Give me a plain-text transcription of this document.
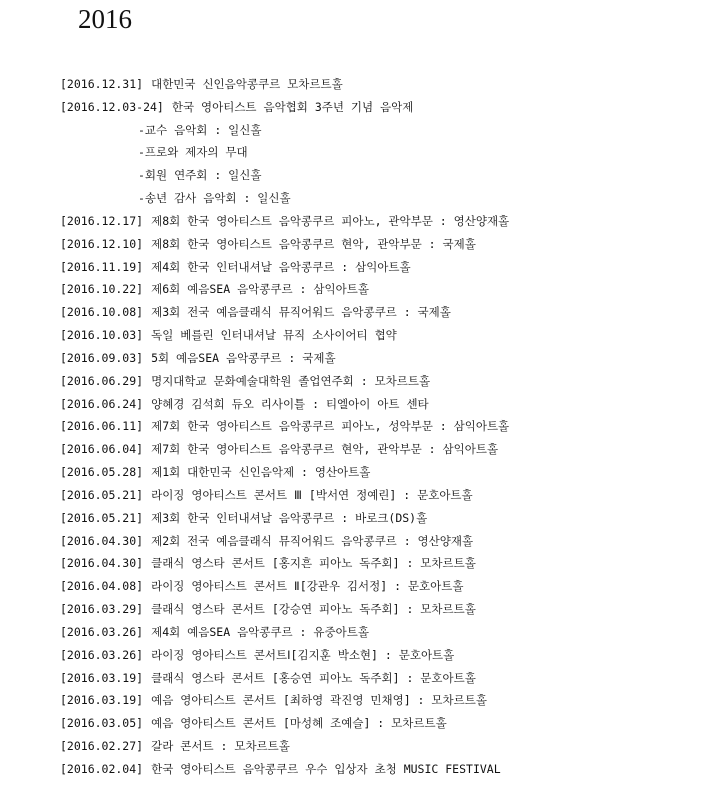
2016
[2016.12.31] 대한민국 신인음악콩쿠르 모차르트홀
[2016.12.03-24] 한국 영아티스트 음악협회 3주년 기념 음악제
-교수 음악회 : 일신홀
-프로와 제자의 무대
-회원 연주회 : 일신홀
-송년 감사 음악회 : 일신홀
[2016.12.17] 제8회 한국 영아티스트 음악콩쿠르 피아노, 관악부문 : 영산양재홀
[2016.12.10] 제8회 한국 영아티스트 음악콩쿠르 현악, 관악부문 : 국제홀
[2016.11.19] 제4회 한국 인터내셔날 음악콩쿠르 : 삼익아트홀
[2016.10.22] 제6회 예음SEA 음악콩쿠르 : 삼익아트홀
[2016.10.08] 제3회 전국 예음클래식 뮤직어워드 음악콩쿠르 : 국제홀
[2016.10.03] 독일 베를린 인터내셔날 뮤직 소사이어티 협약
[2016.09.03] 5회 예음SEA 음악콩쿠르 : 국제홀
[2016.06.29] 명지대학교 문화예술대학원 졸업연주회 : 모차르트홀
[2016.06.24] 양혜경 김석희 듀오 리사이틀 : 티엘아이 아트 센타
[2016.06.11] 제7회 한국 영아티스트 음악콩쿠르 피아노, 성악부문 : 삼익아트홀
[2016.06.04] 제7회 한국 영아티스트 음악콩쿠르 현악, 관악부문 : 삼익아트홀
[2016.05.28] 제1회 대한민국 신인음악제 : 영산아트홀
[2016.05.21] 라이징 영아티스트 콘서트 Ⅲ [박서연 정예린] : 문호아트홀
[2016.05.21] 제3회 한국 인터내셔날 음악콩쿠르 : 바로크(DS)홀
[2016.04.30] 제2회 전국 예음클래식 뮤직어워드 음악콩쿠르 : 영산양재홀
[2016.04.30] 클래식 영스타 콘서트 [홍지흔 피아노 독주회] : 모차르트홀
[2016.04.08] 라이징 영아티스트 콘서트 Ⅱ[강관우 김서정] : 문호아트홀
[2016.03.29] 클래식 영스타 콘서트 [강승연 피아노 독주회] : 모차르트홀
[2016.03.26] 제4회 예음SEA 음악콩쿠르 : 유중아트홀
[2016.03.26] 라이징 영아티스트 콘서트Ⅰ[김지훈 박소현] : 문호아트홀
[2016.03.19] 클래식 영스타 콘서트 [홍승연 피아노 독주회] : 문호아트홀
[2016.03.19] 예음 영아티스트 콘서트 [최하영 곽진영 민채영] : 모차르트홀
[2016.03.05] 예음 영아티스트 콘서트 [마성혜 조예슬] : 모차르트홀
[2016.02.27] 갈라 콘서트 : 모차르트홀
[2016.02.04] 한국 영아티스트 음악콩쿠르 우수 입상자 초청 MUSIC FESTIVAL
